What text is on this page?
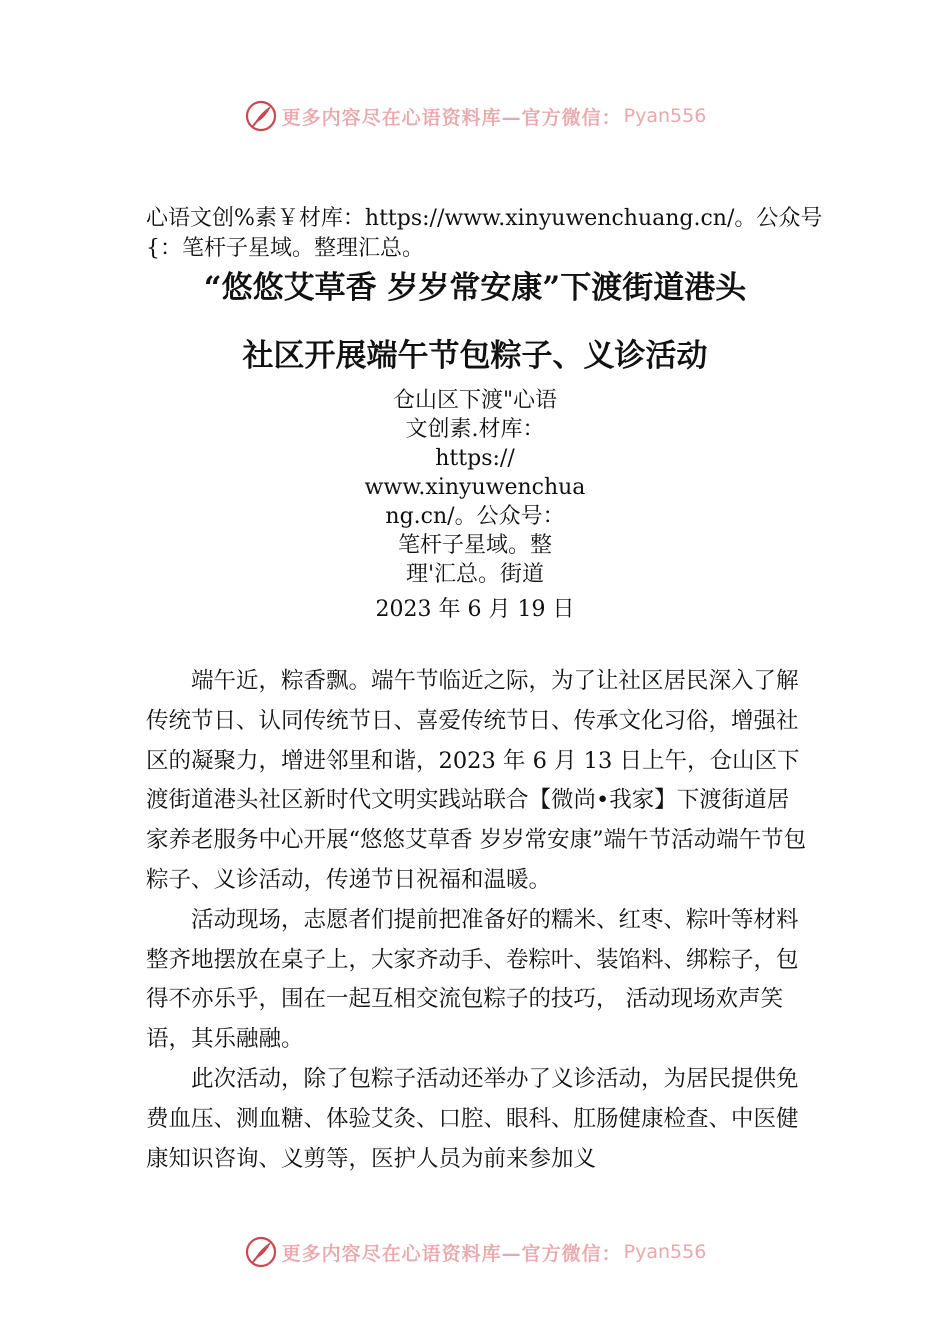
更多内容尽在心语资料库—官方微信： Pyan556
心语文创%素￥材库：https://www.xinyuwenchuang.cn/。公众号{：笔杆子星域。整理汇总。
“悠悠艾草香 岁岁常安康”下渡街道港头
社区开展端午节包粽子、义诊活动
仓山区下渡"心语
文创素.材库：
https://
www.xinyuwenchua
ng.cn/。公众号：
笔杆子星域。整
理'汇总。街道
2023 年 6 月 19 日

端午近，粽香飘。端午节临近之际，为了让社区居民深入了解传统节日、认同传统节日、喜爱传统节日、传承文化习俗，增强社区的凝聚力，增进邻里和谐，2023 年 6 月 13 日上午，仓山区下渡街道港头社区新时代文明实践站联合【微尚•我家】下渡街道居家养老服务中心开展“悠悠艾草香 岁岁常安康”端午节活动端午节包粽子、义诊活动，传递节日祝福和温暖。

活动现场，志愿者们提前把准备好的糯米、红枣、粽叶等材料整齐地摆放在桌子上，大家齐动手、卷粽叶、装馅料、绑粽子，包得不亦乐乎，围在一起互相交流包粽子的技巧， 活动现场欢声笑语，其乐融融。

此次活动，除了包粽子活动还举办了义诊活动，为居民提供免费血压、测血糖、体验艾灸、口腔、眼科、肛肠健康检查、中医健康知识咨询、义剪等，医护人员为前来参加义

更多内容尽在心语资料库—官方微信： Pyan556
